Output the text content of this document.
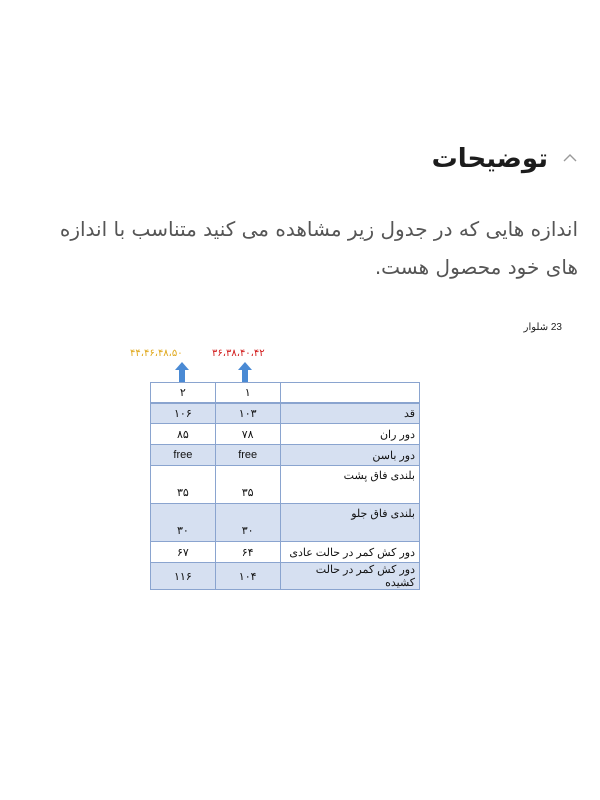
توضیحات

اندازه هایی که در جدول زیر مشاهده می کنید متناسب با اندازه های خود محصول هست.

23 شلوار
۴۴،۴۶،۴۸،۵۰	۳۶،۳۸،۴۰،۴۲
۲	۱	
۱۰۶	۱۰۳	قد
۸۵	۷۸	دور ران
free	free	دور باسن
۳۵	۳۵	بلندی فاق پشت
۳۰	۳۰	بلندی فاق جلو
۶۷	۶۴	دور کش کمر در حالت عادی
۱۱۶	۱۰۴	دور کش کمر در حالت کشیده
